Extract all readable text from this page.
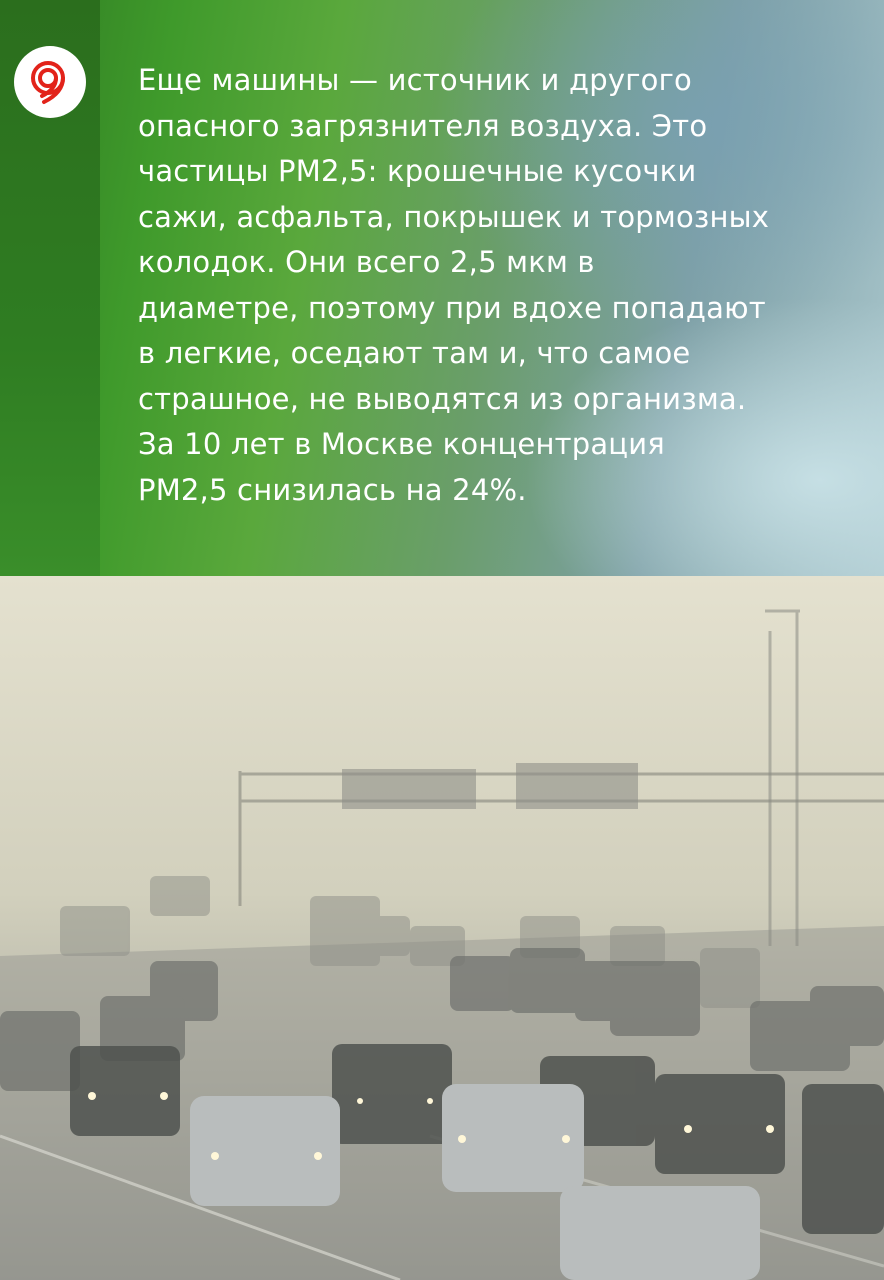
Еще машины — источник и другого
опасного загрязнителя воздуха. Это
частицы PM2,5: крошечные кусочки
сажи, асфальта, покрышек и тормозных
колодок. Они всего 2,5 мкм в
диаметре, поэтому при вдохе попадают
в легкие, оседают там и, что самое
страшное, не выводятся из организма.
За 10 лет в Москве концентрация
PM2,5 снизилась на 24%.
